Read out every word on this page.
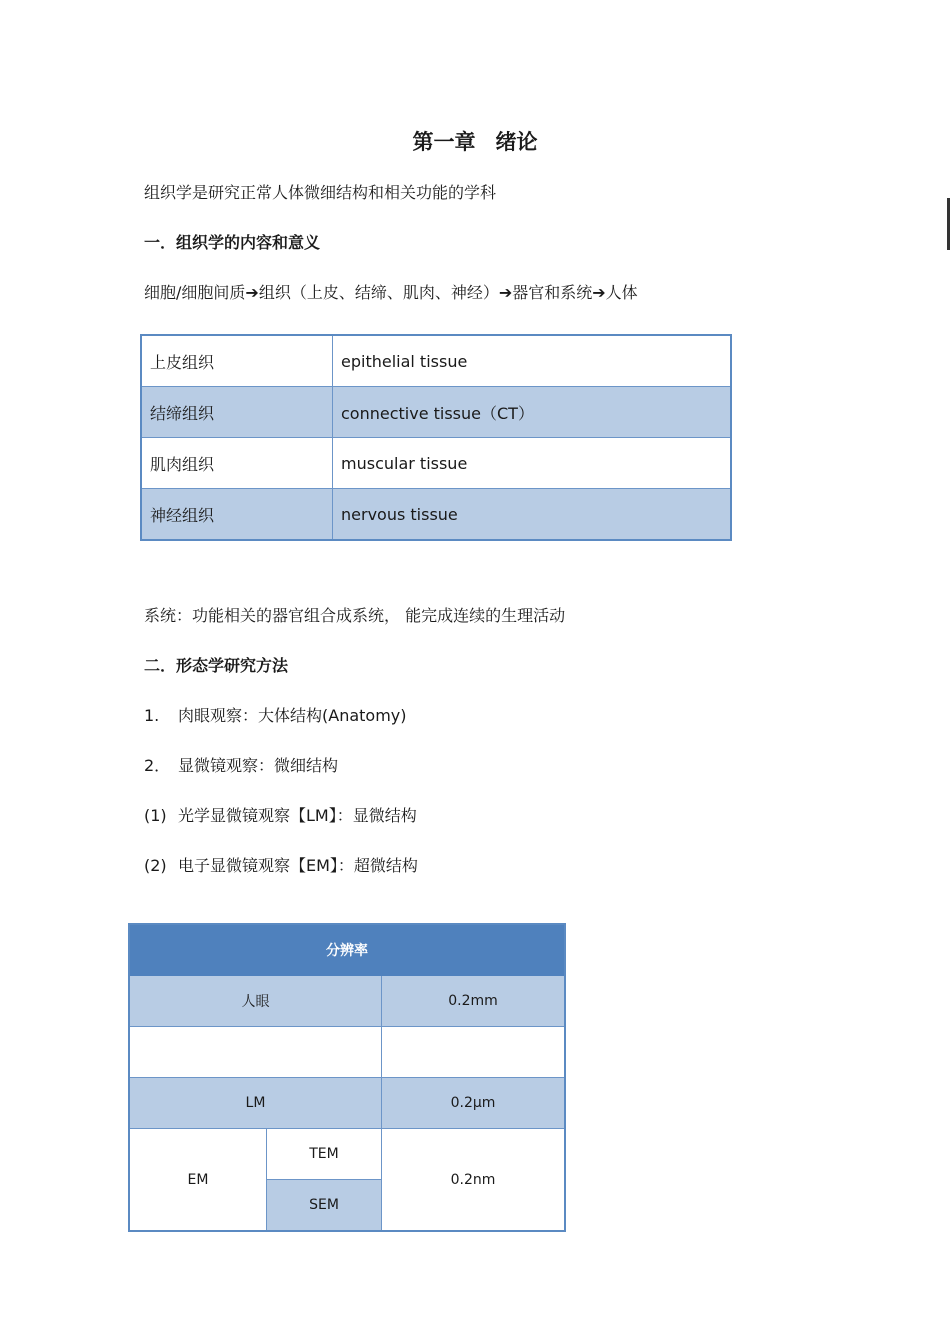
第一章 绪论
组织学是研究正常人体微细结构和相关功能的学科
一．组织学的内容和意义
细胞/细胞间质➔组织（上皮、结缔、肌肉、神经）➔器官和系统➔人体
上皮组织	epithelial tissue
结缔组织	connective tissue（CT）
肌肉组织	muscular tissue
神经组织	nervous tissue
系统：功能相关的器官组合成系统， 能完成连续的生理活动
二．形态学研究方法
1. 肉眼观察：大体结构(Anatomy)
2． 显微镜观察：微细结构
(1) 光学显微镜观察【LM】：显微结构
(2) 电子显微镜观察【EM】：超微结构
分辨率		
人眼		0.2mm

LM		0.2μm
EM	TEM	0.2nm
	SEM	
